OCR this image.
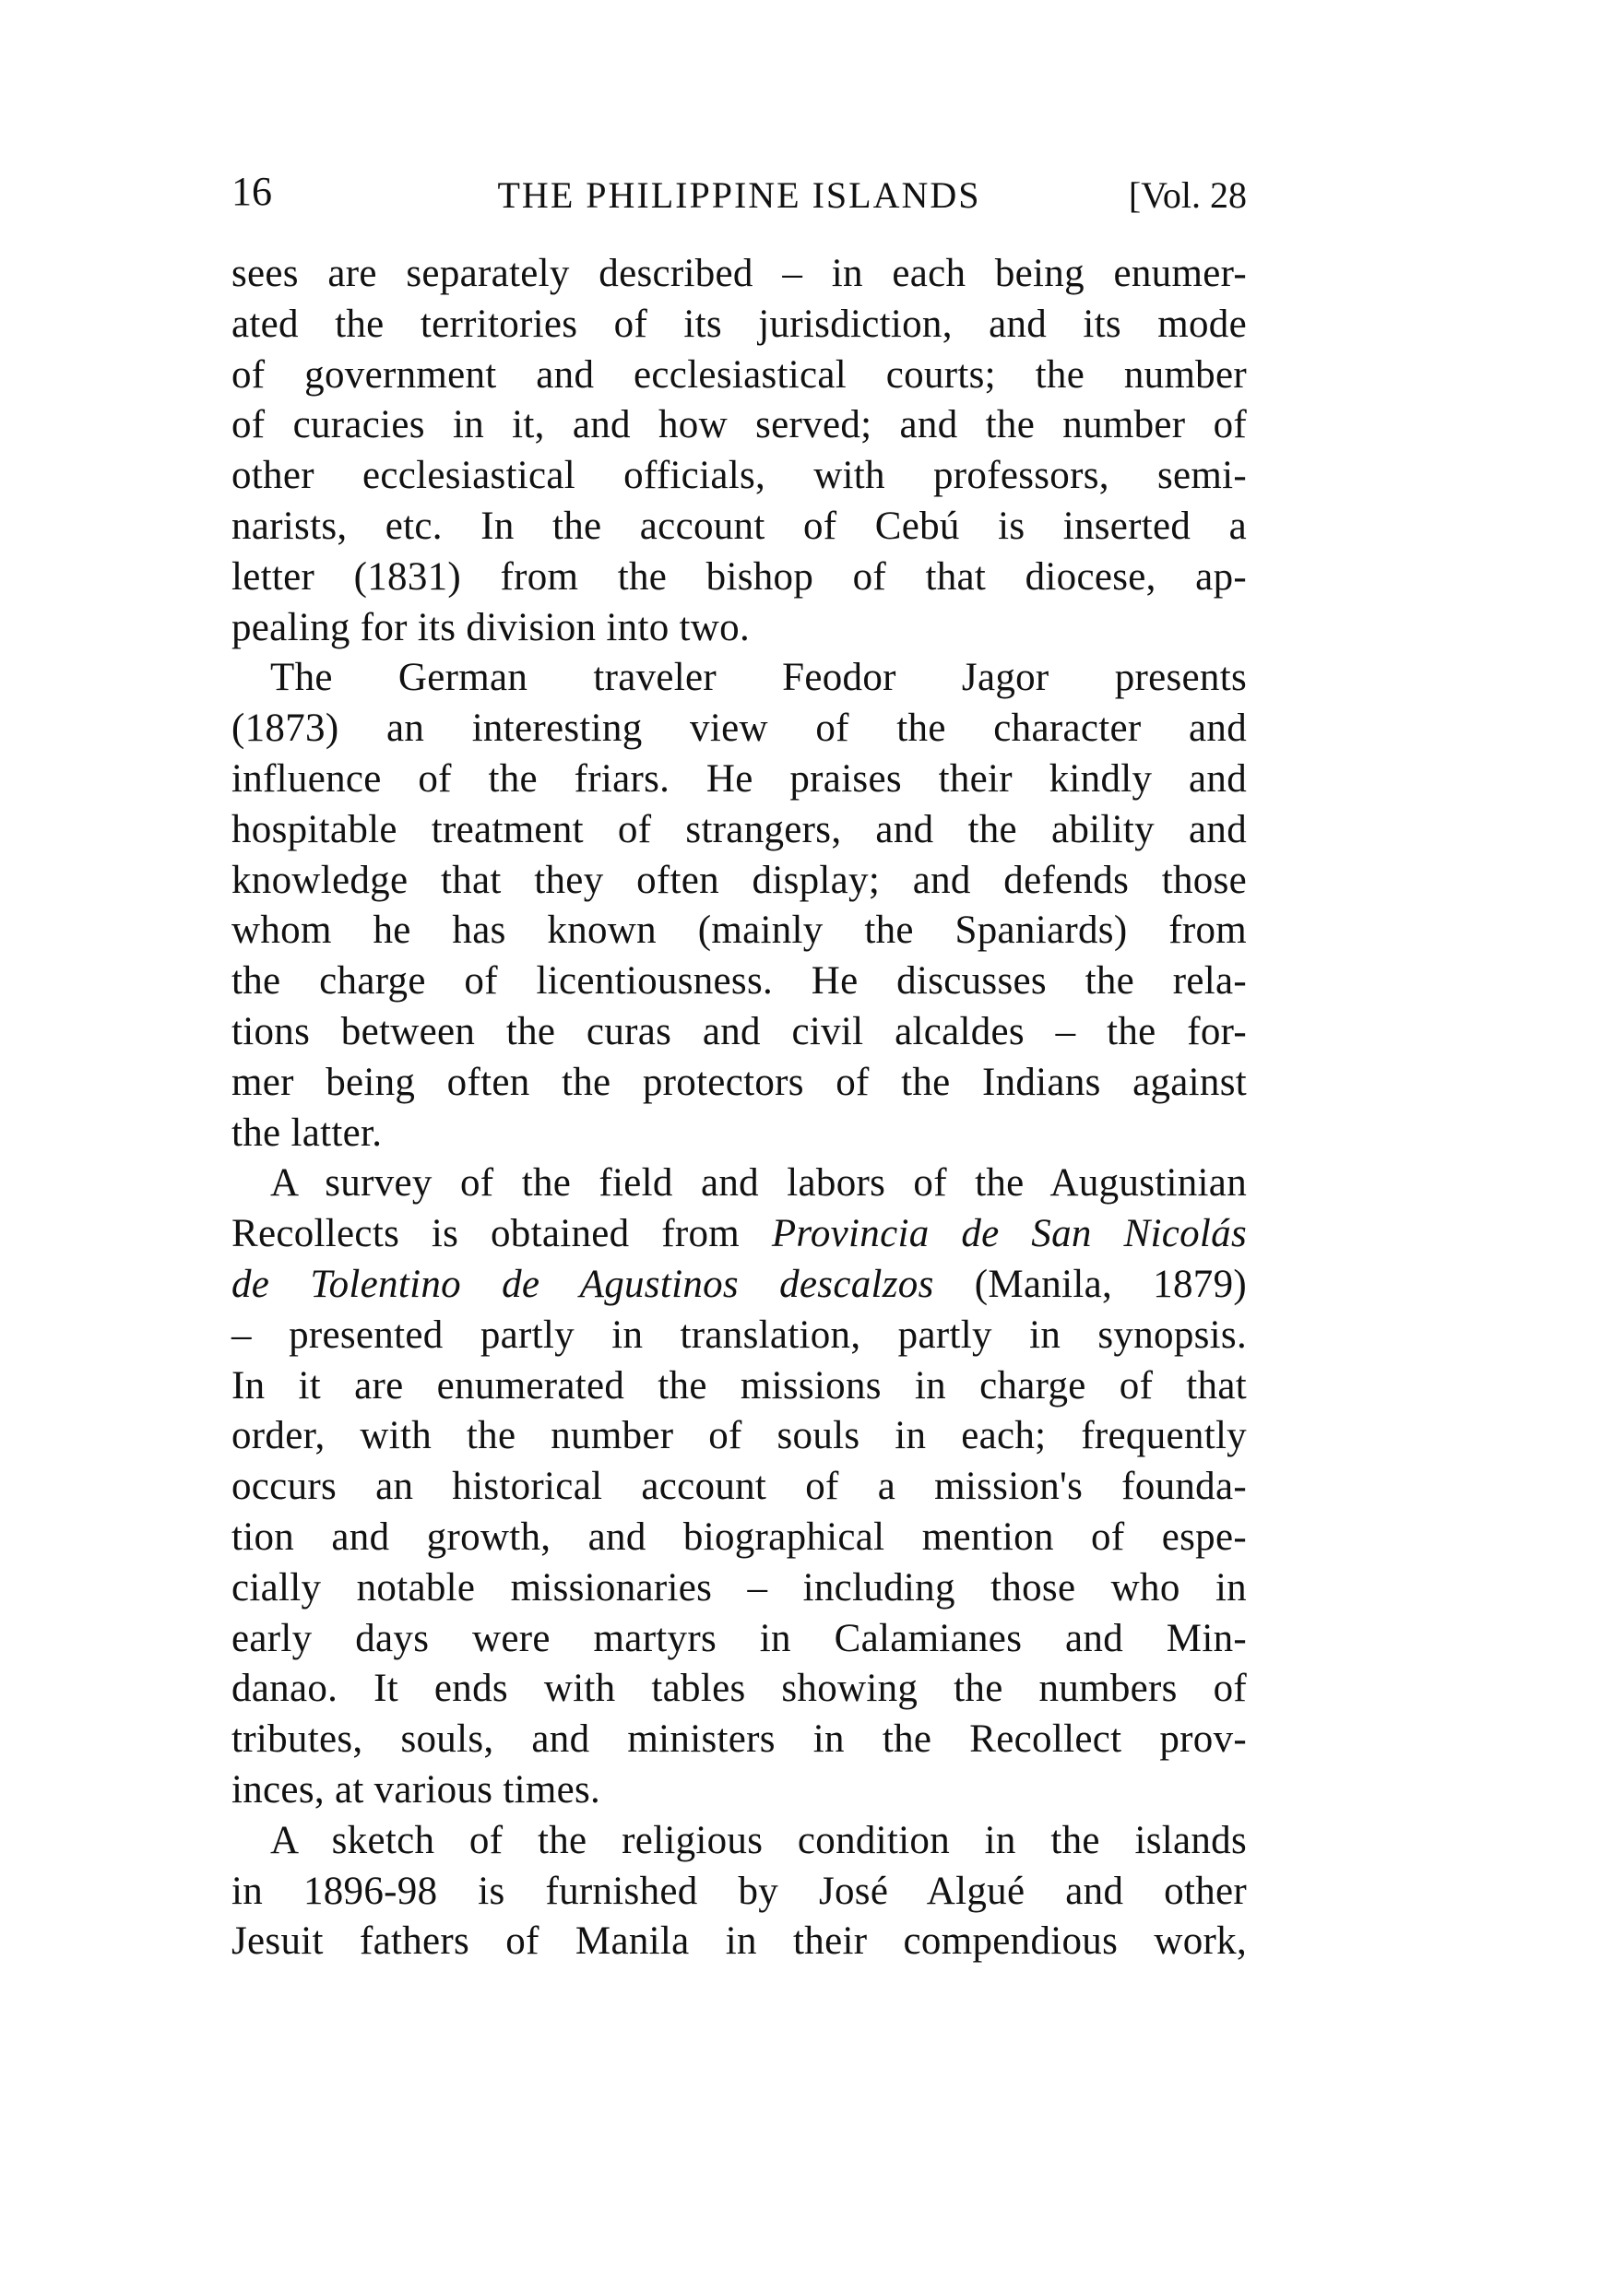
16	THE PHILIPPINE ISLANDS	[Vol. 28
sees are separately described – in each being enumer-
ated the territories of its jurisdiction, and its mode
of government and ecclesiastical courts; the number
of curacies in it, and how served; and the number of
other ecclesiastical officials, with professors, semi-
narists, etc. In the account of Cebú is inserted a
letter (1831) from the bishop of that diocese, ap-
pealing for its division into two.
The German traveler Feodor Jagor presents
(1873) an interesting view of the character and
influence of the friars. He praises their kindly and
hospitable treatment of strangers, and the ability and
knowledge that they often display; and defends those
whom he has known (mainly the Spaniards) from
the charge of licentiousness. He discusses the rela-
tions between the curas and civil alcaldes – the for-
mer being often the protectors of the Indians against
the latter.
A survey of the field and labors of the Augustinian
Recollects is obtained from Provincia de San Nicolás
de Tolentino de Agustinos descalzos (Manila, 1879)
– presented partly in translation, partly in synopsis.
In it are enumerated the missions in charge of that
order, with the number of souls in each; frequently
occurs an historical account of a mission's founda-
tion and growth, and biographical mention of espe-
cially notable missionaries – including those who in
early days were martyrs in Calamianes and Min-
danao. It ends with tables showing the numbers of
tributes, souls, and ministers in the Recollect prov-
inces, at various times.
A sketch of the religious condition in the islands
in 1896-98 is furnished by José Algué and other
Jesuit fathers of Manila in their compendious work,
